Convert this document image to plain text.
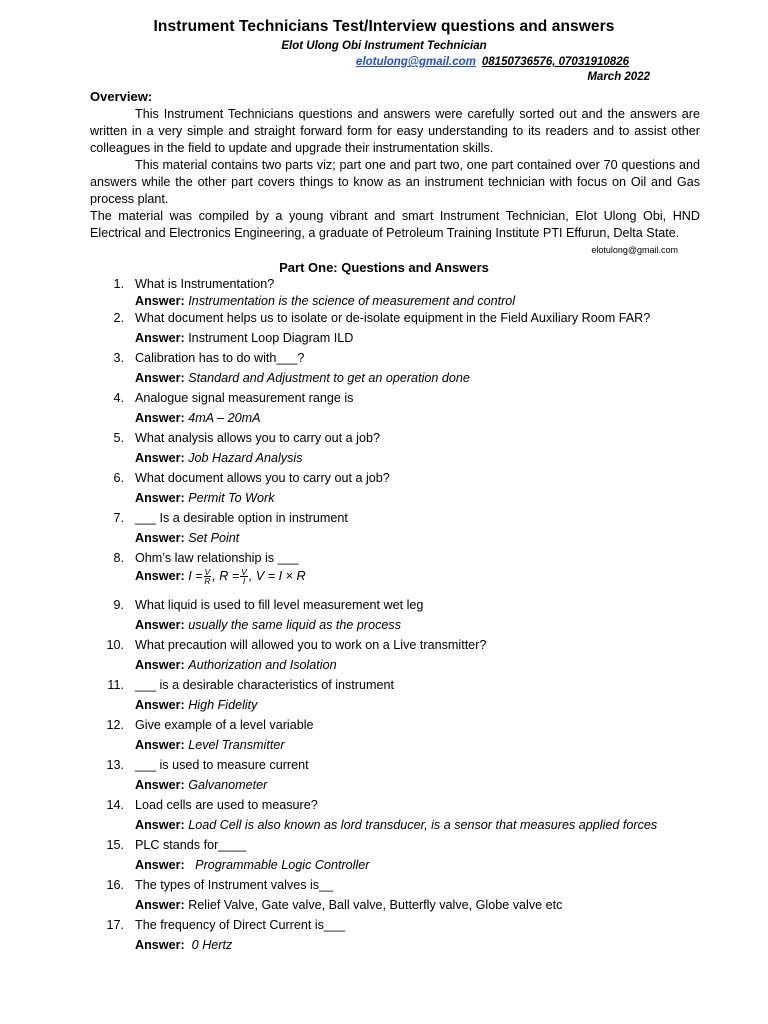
Instrument Technicians Test/Interview questions and answers
Elot Ulong Obi Instrument Technician
elotulong@gmail.com 08150736576, 07031910826
March 2022
Overview:

This Instrument Technicians questions and answers were carefully sorted out and the answers are written in a very simple and straight forward form for easy understanding to its readers and to assist other colleagues in the field to update and upgrade their instrumentation skills.

This material contains two parts viz; part one and part two, one part contained over 70 questions and answers while the other part covers things to know as an instrument technician with focus on Oil and Gas process plant.

The material was compiled by a young vibrant and smart Instrument Technician, Elot Ulong Obi, HND Electrical and Electronics Engineering, a graduate of Petroleum Training Institute PTI Effurun, Delta State.

elotulong@gmail.com
Part One: Questions and Answers
1. What is Instrumentation?
Answer: Instrumentation is the science of measurement and control
2. What document helps us to isolate or de-isolate equipment in the Field Auxiliary Room FAR?
Answer: Instrument Loop Diagram ILD
3. Calibration has to do with___?
Answer: Standard and Adjustment to get an operation done
4. Analogue signal measurement range is
Answer: 4mA – 20mA
5. What analysis allows you to carry out a job?
Answer: Job Hazard Analysis
6. What document allows you to carry out a job?
Answer: Permit To Work
7. ___ Is a desirable option in instrument
Answer: Set Point
8. Ohm’s law relationship is ___
Answer: $I = \frac{V}{R}$ , $R = \frac{V}{I}$ , V = I × R
9. What liquid is used to fill level measurement wet leg
Answer: usually the same liquid as the process
10. What precaution will allowed you to work on a Live transmitter?
Answer: Authorization and Isolation
11. ___ is a desirable characteristics of instrument
Answer: High Fidelity
12. Give example of a level variable
Answer: Level Transmitter
13. ___ is used to measure current
Answer: Galvanometer
14. Load cells are used to measure?
Answer: Load Cell is also known as lord transducer, is a sensor that measures applied forces
15. PLC stands for____
Answer:   Programmable Logic Controller
16. The types of Instrument valves is__
Answer: Relief Valve, Gate valve, Ball valve, Butterfly valve, Globe valve etc
17. The frequency of Direct Current is___
Answer:  0 Hertz
